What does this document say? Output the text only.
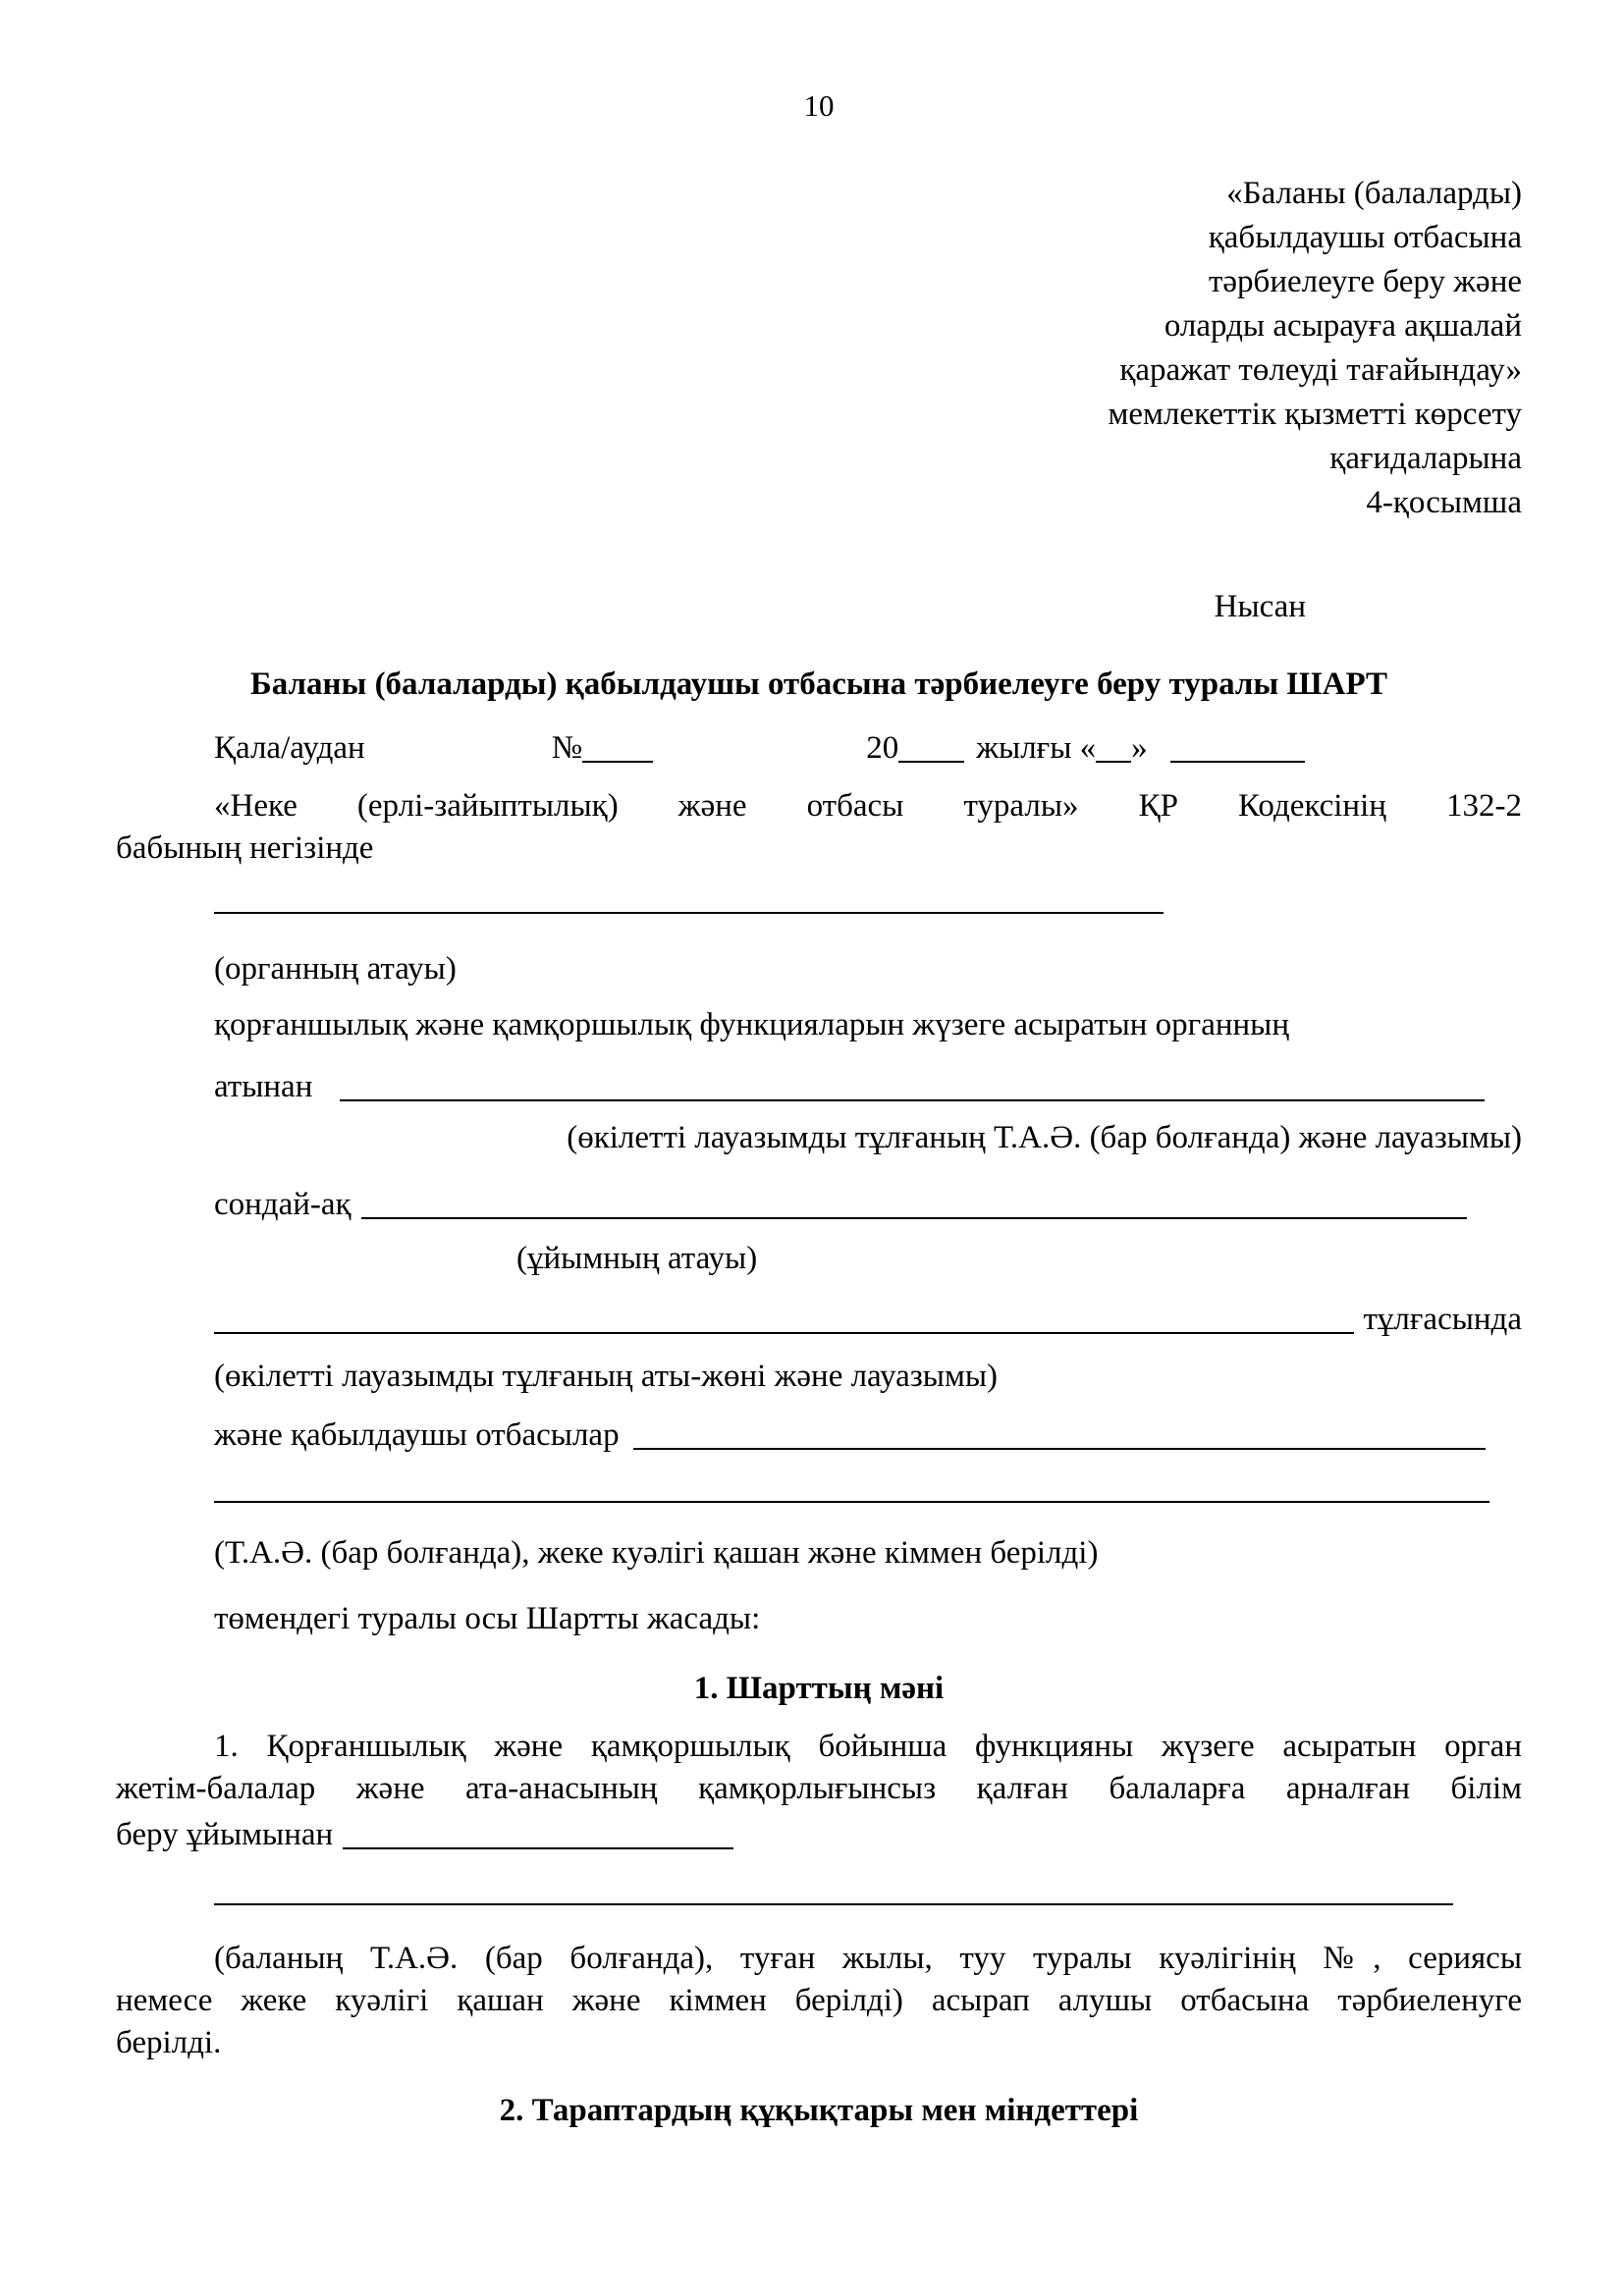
10
«Баланы (балаларды)
қабылдаушы отбасына
тәрбиелеуге беру және
оларды асырауға ақшалай
қаражат төлеуді тағайындау»
мемлекеттік қызметті көрсету
қағидаларына
4-қосымша
Нысан
Баланы (балаларды) қабылдаушы отбасына тәрбиелеуге беру туралы ШАРТ
Қала/аудан	№	20 жылғы « »
«Неке (ерлі-зайыптылық) және отбасы туралы» ҚР Кодексінің 132-2
бабының негізінде
(органның атауы)
қорғаншылық және қамқоршылық функцияларын жүзеге асыратын органның
атынан
(өкілетті лауазымды тұлғаның Т.А.Ә. (бар болғанда) және лауазымы)
сондай-ақ
(ұйымның атауы)
тұлғасында
(өкілетті лауазымды тұлғаның аты-жөні және лауазымы)
және қабылдаушы отбасылар
(Т.А.Ә. (бар болғанда), жеке куәлігі қашан және кіммен берілді)
төмендегі туралы осы Шартты жасады:
1. Шарттың мәні
1. Қорғаншылық және қамқоршылық бойынша функцияны жүзеге асыратын орган
жетім-балалар және ата-анасының қамқорлығынсыз қалған балаларға арналған білім
беру ұйымынан
(баланың Т.А.Ә. (бар болғанда), туған жылы, туу туралы куәлігінің №, сериясы
немесе жеке куәлігі қашан және кіммен берілді) асырап алушы отбасына тәрбиеленуге
берілді.
2. Тараптардың құқықтары мен міндеттері
